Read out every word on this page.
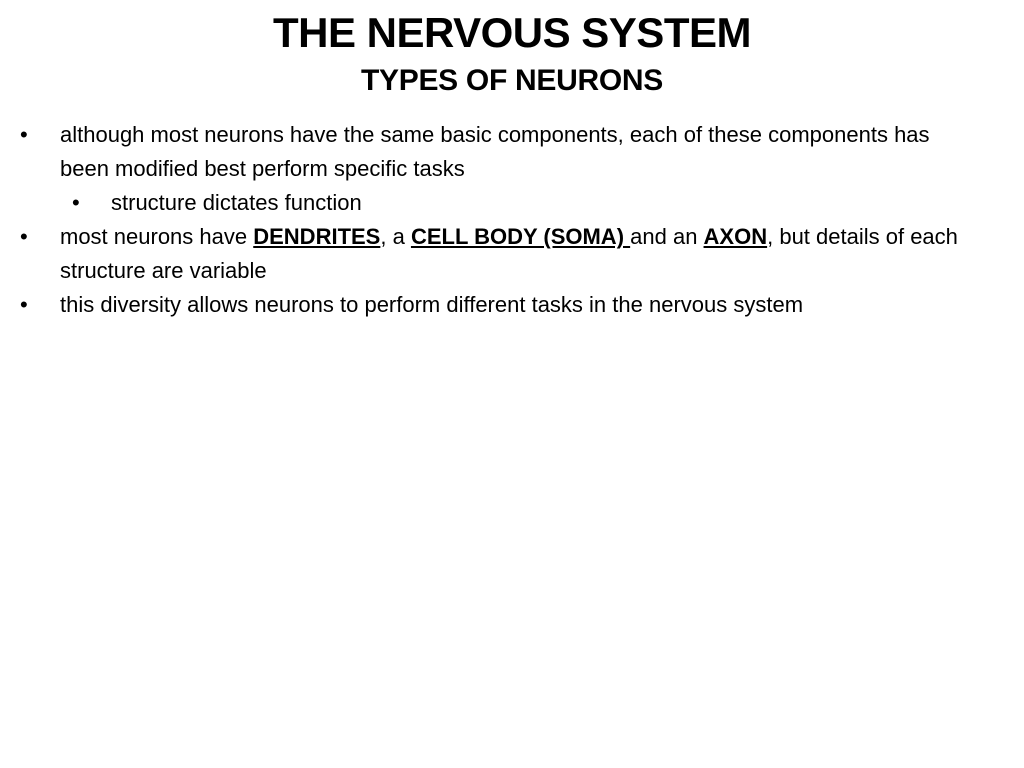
THE NERVOUS SYSTEM
TYPES OF NEURONS
• although most neurons have the same basic components, each of these components has been modified best perform specific tasks
• structure dictates function
• most neurons have DENDRITES, a CELL BODY (SOMA) and an AXON, but details of each structure are variable
• this diversity allows neurons to perform different tasks in the nervous system
